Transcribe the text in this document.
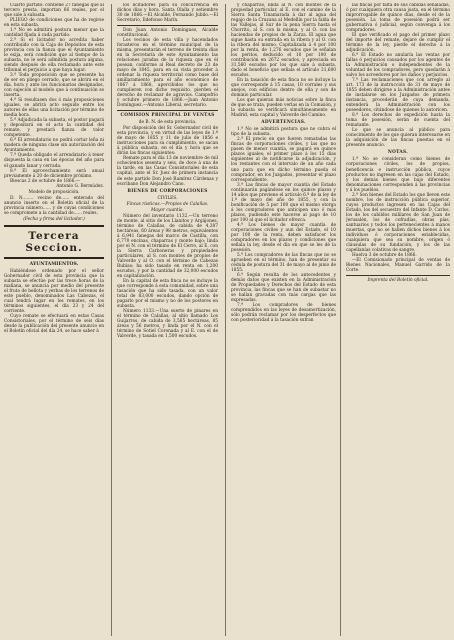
Cuarto partido: contiene 27 fanegas que al tercero presta, importan 66 reales, por el que sale á subasta.

PLIEGO de condiciones que ha de regirse en esta subasta.

1.ª No se admitirá postura menor que la cantidad fijada á cada partido.

2.ª Si el licitador no acredita haber contribuido con la Caja de Depósitos de esta provincia con la fianza que el Ayuntamiento le exija, será condición que al tiempo de la subasta, no le será admitida postura alguna, siendo después de ella reclamado ante este tribunal el perjuicio a que haya lugar.

3.ª Toda proposición que se presente ha de ser en pliego cerrado, que se abrirá en el día, hora y ante los funcionarios designados, con sujeción al modelo que á continuación se inserta.

4.ª Si resultasen dos ó más proposiciones iguales, se abrirá acto seguido entre los autores de ellas una licitación por término de media hora.

5.ª Adjudicada la subasta, el postor pagará y depositará en el acto la cantidad del remate, y prestará fianza de valor competente.

6.ª El arrendatario no podrá cortar leña ni madera de ninguna clase sin autorización del Ayuntamiento.

7.ª Queda obligado el arrendatario á tener dispuesta la casa en las épocas del año para el ganado lanar y cerrada.

8.ª El aprovechamiento será anual previamente á 20 de diciembre próximo.

Biescas 2 de octubre de 1866.—

Antonio G. Bermúdez.

Modelo de proposición.

D. N........ vecino de...... enterado del anuncio inserto en el Boletín oficial de la provincia número...... y de cuyas condiciones se compromete a la cantidad de...... reales.

(Fecha y firma del licitador.)

Tercera Seccion.

AYUNTAMIENTOS.

Habiéndose ordenado por el señor Gobernador civil de esta provincia que la subasta se efectúe por las trece horas de la mañana, se anuncia por medio del presente el fruto de bellota y yerbas de los terrenos de este pueblo, denominados Las Cabezas, el cual tendrá lugar en los remates, en los términos siguientes, el día 23 y 24 del corriente.

Cuyo remate se efectuará en estas Casas Consistoriales, por el término de seis días desde la publicación del presente anuncio en el Boletín oficial del día 24, se hace saber á

los licitadores para su concurrencia en dichos días y hora. Santa Olalla y setiembre 30 de 1866.—El Alcalde, Fernando Jubilo.—El Secretario, Ildefonso Marín.

Don Juan Antonio Domínguez, Alcalde constitucional.

Los vecinos de esta villa y hacendados forasteros en el término municipal de la misma, presentarán el terreno de treinta días en la Secretaría de este Ayuntamiento las relaciones juradas de la riqueza que en él posean, conforme al Real decreto de 23 de mayo de 1845, para en su vista proceder á ordenar la riqueza territorial como base del amillaramiento para el año económico de 1867 á 1868, apercibidos los que no cumplieren con dicho requisito, pierden el derecho de reclamar de agravios. Campofrío y octubre primero de 1866.—Juan Antonio Domínguez.—Antonio Liberal, secretario.

COMISION PRINCIPAL DE VENTAS

de B. N. de esta provincia.

Por disposición del Sr. Gobernador civil de esta provincia, y en virtud de las leyes de 1.º de mayo de 1855 y 11 de julio de 1856 e instrucciones para su cumplimiento, se sacan á pública subasta, en el día y hora que se dirán las fincas siguientes:

Remate para el día 13 de noviembre de mil ochocientos sesenta y seis, de doce á una de la tarde, en las Casas Consistoriales de esta capital, ante el Sr. Juez de primera instancia de este partido Don José Ramírez Cárdenas y escribano Don Alejandro Cano.

BIENES DE CORPORACIONES

CIVILES.

Fincas rústicas.—Propios de Calañas.

Mayor cuantía.

Número del inventario 1132.—Un terreno de monte, al sitio de los Llanitos y Argájones, término de Calañas, de cabida de 4,387 hectáreas, 60 áreas y 98 metros, equivalentes á 6,941 fanegas del marco de Castilla, con 6,770 encinas, chaparras y monte bajo; linda por el N. con el término de El Cerro, al E. con la Sierra Carboneras y propiedades particulares, al S. con montes de propios de Valverde y al O. con el término de Cabezas Rubias; ha sido tasado en renta en 1,200 escudos, y por la cantidad de 32,000 escudos en capitalización.

En la capital de esta finca no se incluye la que corresponde á esta comunidad, sobre una tasación que ha sido tasada, con un valor total de 83,000 escudos, dando opción de pagarlo por el mismo y no de los postores en subasta.

Número 1133.—Una suerte de pinares en el término de Calañas, al sitio llamado Los Guijarros, de cabida de 3,565 hectáreas, 85 áreas y 56 metros, y linda por el N. con el término de Sotiel Coronada y al E. con el de Valverde, y tasada en 1,500 escudos.

y chaparras, linda al N. con montes de la propiedad particular, al E. con el camino de la Sierra Santa Tinamarada á dar al agua del regajo de la Cruzana al Medellín por la falda de las Vallejas, al Sur de la pena Sierra hasta el Chorrito, al S. con la misma, y al O. con las haciendas de propios de la Zarza. El agua que sigue hasta su entrada en la ribera y al O. con la ribera del mismo. Capitalizada á 4 por 100 por la renta, de 1,276 escudos que le señalan los peritos, deducido el 10 por 100 de contribución en 2672 escudos, y apreciada en 31,560 escudos por los que sale á subasta, dado el beneficio que señala el artículo 21,680 escudos.

En la tasación de esta finca no se incluye la que corresponde á 15 casas, 10 corrales y sus anejos, con edificios dentro de ella y son de dominio particular.

Los que quieran más noticias sobre la finca de que se trata, pueden verlas en la Comisión, y la subasta se verificará simultáneamente en Madrid, esta capital y Valverde del Camino.

ADVERTENCIAS.

1.ª No se admitirá postura que no cubra el tipo de la subasta.

2.ª El precio en que fueren rematadas las fincas de corporaciones civiles, y las que no pasen de menor cuantía, se pagará en quince plazos iguales; el primer plazo á los 15 días siguientes al de notificarse la adjudicación, y los restantes con el intervalo de un año cada uno para que en dicho término pueda el comprador, en los Juzgados, presentar el plazo correspondiente.

3.ª Las fincas de mayor cuantía del Estado continuarán pagándose en los quince plazos y 14 años que previene el artículo 6.º de la ley de 1.º de mayo del año de 1855, y con la bonificación de 5 por 100 que el mismo otorga á los compradores que anticipen uno ó más plazos, pudiendo este hacerse al pago de 10 por 100 al que el licitador ofrezca.

4.ª Los bienes de mayor cuantía de corporaciones civiles y aun del Estado, el 10 por 100 de la renta, deben satisfacer los compradores en los plazos y condiciones que señala la ley, desde el día en que se les dé la posesión.

5.ª Los compradores de las fincas que no se aprueben en el término, han de presentar su cédula de postura del 31 de mayo al de junio de 1855.

6.ª Según resulta de los antecedentes y demás datos que existen en la Administración de Propiedades y Derechos del Estado de esta provincia, las fincas que se han de subastar no se hallan gravadas con más cargas que las expresadas.

7.ª Los compradores de bienes comprendidos en las leyes de desamortización, sólo podrán reclamar por los desperfectos que con posterioridad á la tasación sufran

las fincas por falta de sus cabidas señaladas, ó por cualquiera otra causa justa, en el término improrrogable de quince días, desde el de la posesión. La toma de posesión podrá ser gubernativa ó judicial, según convenga á los compradores.

El que verificado el pago del primer plazo del importe del remate, dejare de cumplir el término de la ley, pierde el derecho á la adjudicación.

6.ª El Estado no anularía las ventas por fallas ó perjuicios causados por los agentes de la Administración o independientes de la voluntad de los compradores, pero quedarán á salvo los acreedores por los daños y perjuicios.

7.ª Las reclamaciones que con arreglo al art. 173 de la instrucción de 31 de mayo de 1855 deben dirigirse a la Administración antes de instalarse en los Juzgados de primera instancia, procederán de cuya demanda, entenderá la Administración con los poseedores, citándose de quienes lo autoricen.

8.ª Los derechos de expedición hasta la toma de posesión, serán de cuenta del rematante.

Lo que se anuncia al público para conocimiento de los que quieran interesarse en la adquisición de las fincas puestas en el presente anuncio.

NOTAS.

1.ª No se consideran como bienes de corporaciones civiles, los de propios, beneficencia e instrucción pública, cuyos productos no ingresen en las cajas del Estado, y los demás bienes que bajo diferentes denominaciones corresponden á las provincias y á los pueblos.

2.ª Son bienes del Estado los que lleven este nombre, los de instrucción pública superior, cuyos productos ingresen en las Cajas del Estado, los del secuestro del Infante D. Carlos, los de los cabildos mililares de San Juan de Jerusalén, los de cofradías, obras pías, santuarios y todos los pertenecientes á manos muertas, que no se hallen dichos bienes á los individuos ó corporaciones establecidas, cualquiera que sea su nombre, origen ó cláusulas de su fundación, y los de las capellanías colativas de sangre.

Huelva 3 de octubre de 1866.

—El Comisionado principal de ventas de Bienes Nacionales, Manuel Garrido de la Corte.

Imprenta del Boletín oficial.
